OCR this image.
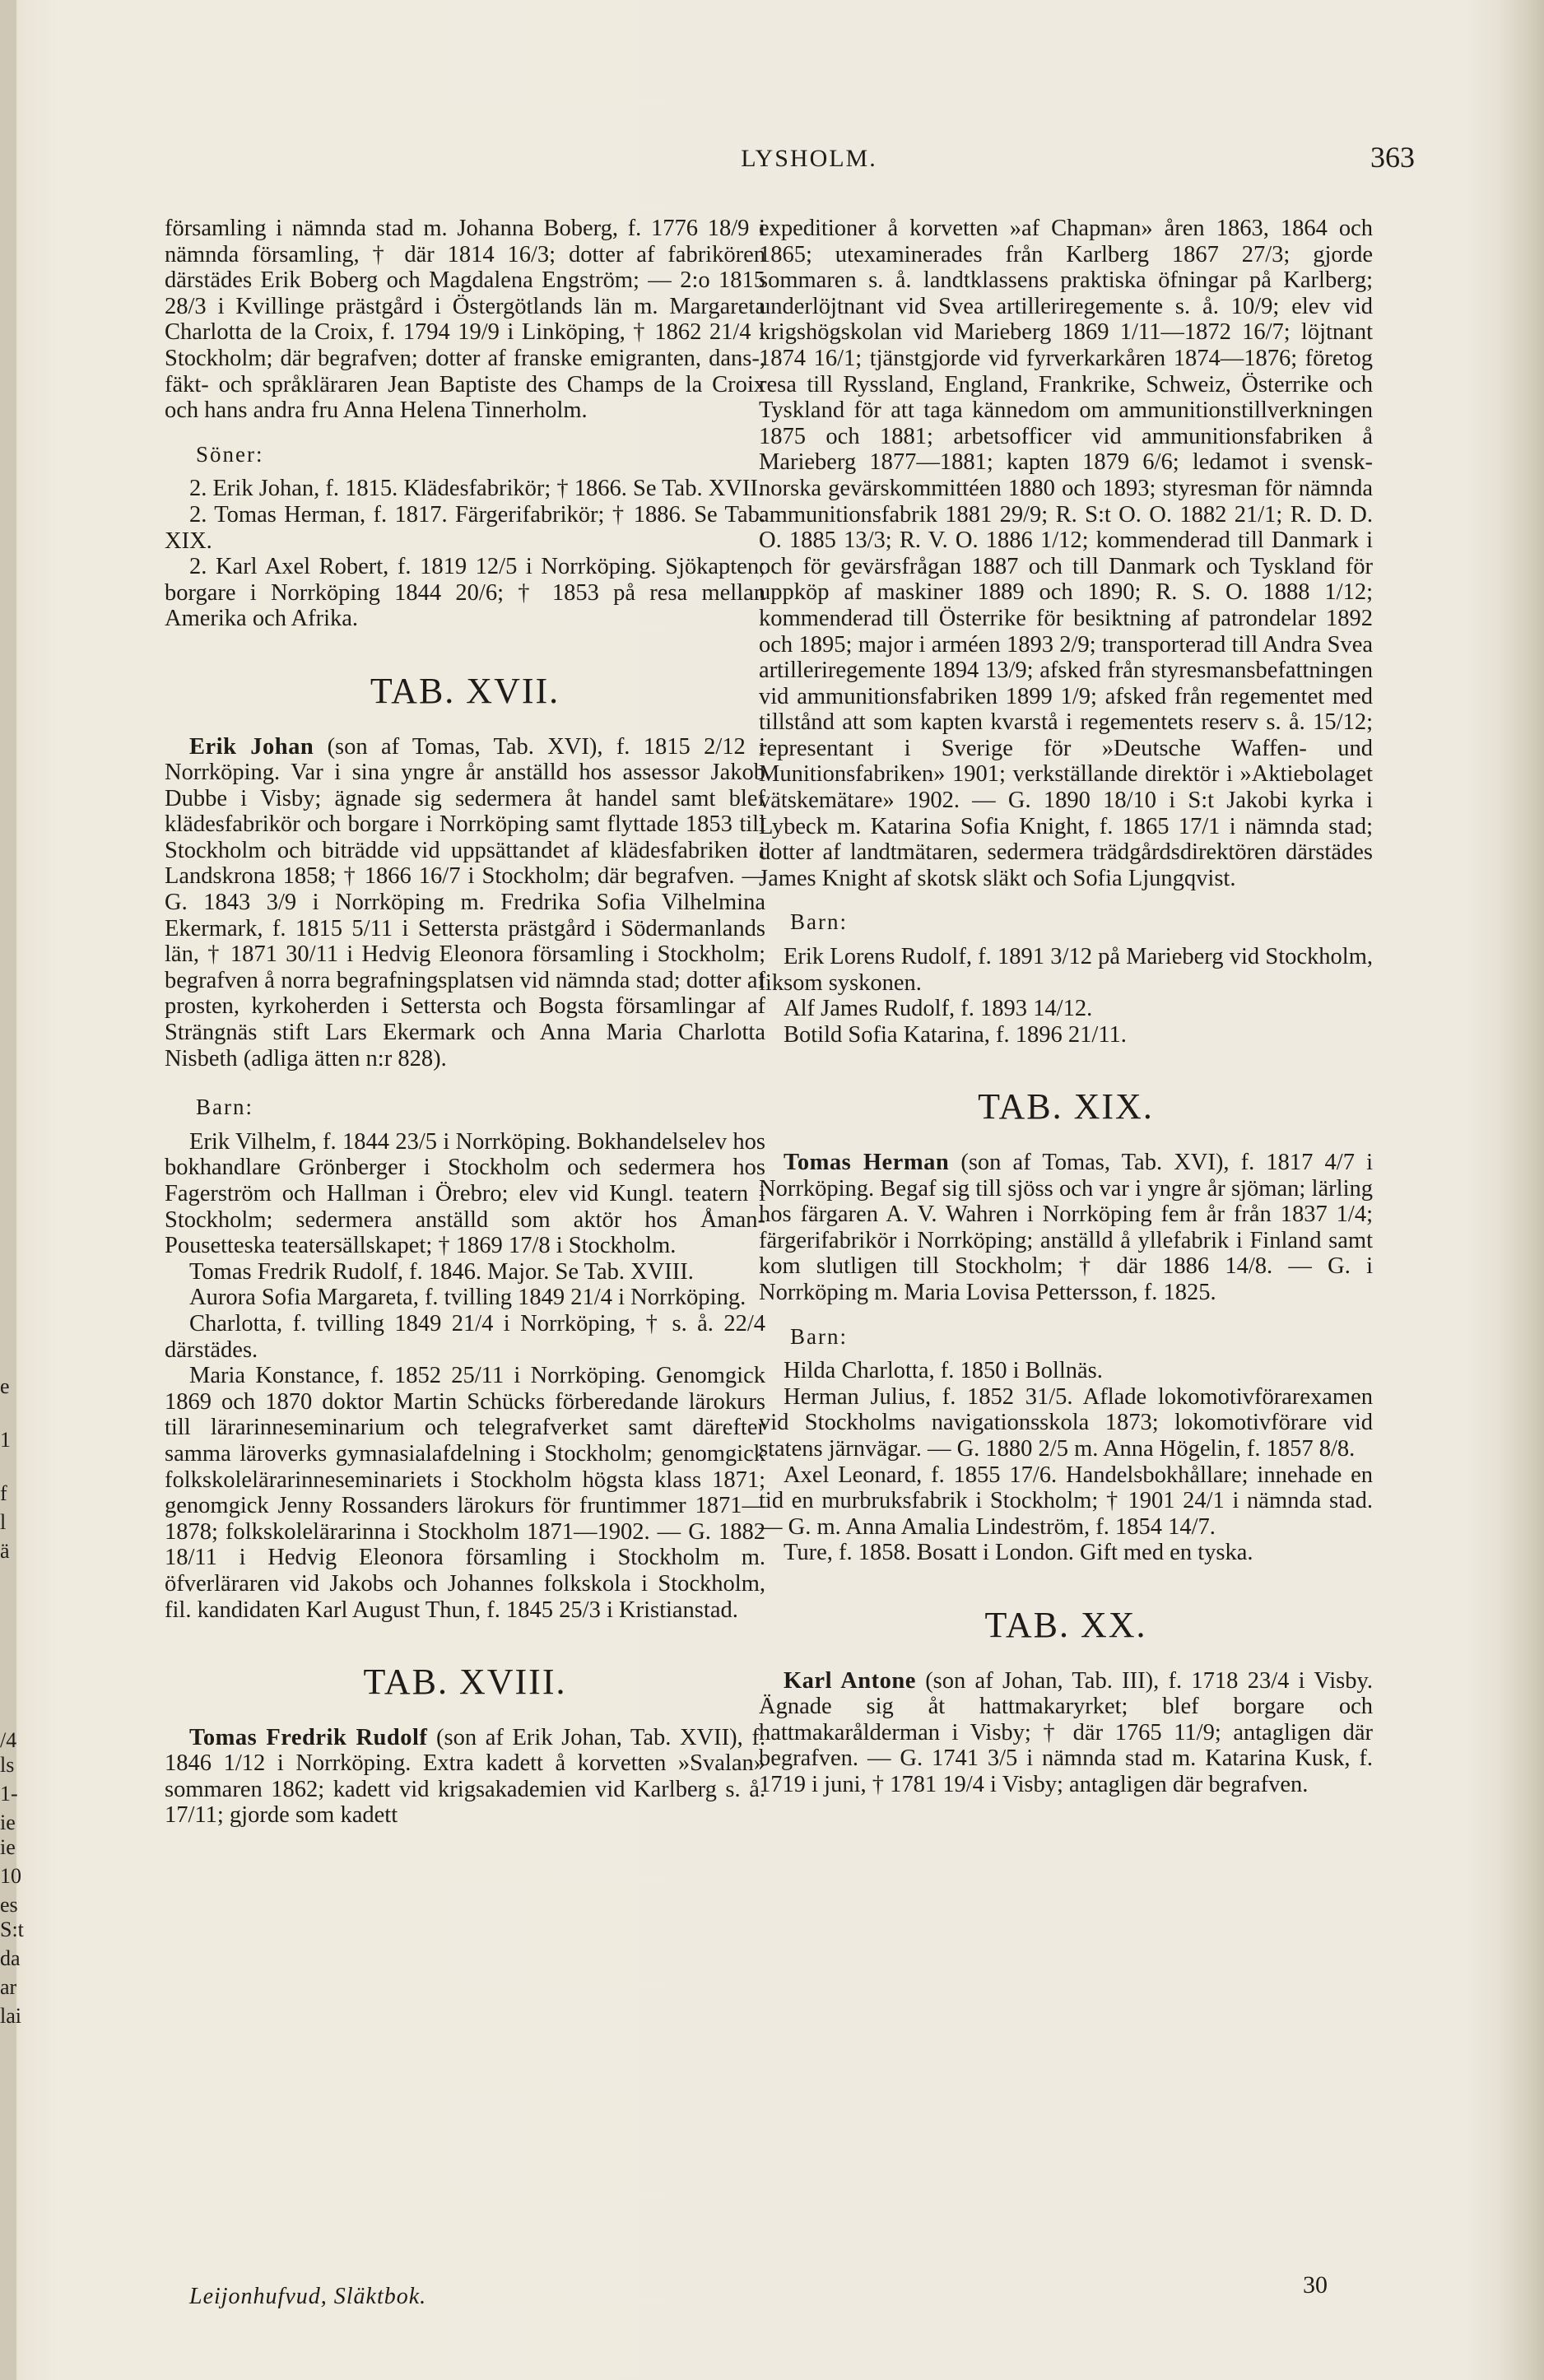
e
1
f
l
ä
/4
ls
1-
ie
ie
10
es
S:t
da
ar
lai
LYSHOLM.	363

församling i nämnda stad m. Johanna Boberg, f. 1776 18/9 i nämnda församling, † där 1814 16/3; dotter af fabrikören därstädes Erik Boberg och Magdalena Engström; — 2:o 1815 28/3 i Kvillinge prästgård i Östergötlands län m. Margareta Charlotta de la Croix, f. 1794 19/9 i Linköping, † 1862 21/4 i Stockholm; där begrafven; dotter af franske emigranten, dans-, fäkt- och språkläraren Jean Baptiste des Champs de la Croix och hans andra fru Anna Helena Tinnerholm.

Söner:

2. Erik Johan, f. 1815. Klädesfabrikör; † 1866. Se Tab. XVII.

2. Tomas Herman, f. 1817. Färgerifabrikör; † 1886. Se Tab. XIX.

2. Karl Axel Robert, f. 1819 12/5 i Norrköping. Sjökapten; borgare i Norrköping 1844 20/6; † 1853 på resa mellan Amerika och Afrika.

TAB. XVII.

Erik Johan (son af Tomas, Tab. XVI), f. 1815 2/12 i Norrköping. Var i sina yngre år anställd hos assessor Jakob Dubbe i Visby; ägnade sig sedermera åt handel samt blef klädesfabrikör och borgare i Norrköping samt flyttade 1853 till Stockholm och biträdde vid uppsättandet af klädesfabriken i Landskrona 1858; † 1866 16/7 i Stockholm; där begrafven. — G. 1843 3/9 i Norrköping m. Fredrika Sofia Vilhelmina Ekermark, f. 1815 5/11 i Settersta prästgård i Södermanlands län, † 1871 30/11 i Hedvig Eleonora församling i Stockholm; begrafven å norra begrafningsplatsen vid nämnda stad; dotter af prosten, kyrkoherden i Settersta och Bogsta församlingar af Strängnäs stift Lars Ekermark och Anna Maria Charlotta Nisbeth (adliga ätten n:r 828).

Barn:

Erik Vilhelm, f. 1844 23/5 i Norrköping. Bokhandelselev hos bokhandlare Grönberger i Stockholm och sedermera hos Fagerström och Hallman i Örebro; elev vid Kungl. teatern i Stockholm; sedermera anställd som aktör hos Åman-Pousetteska teatersällskapet; † 1869 17/8 i Stockholm.

Tomas Fredrik Rudolf, f. 1846. Major. Se Tab. XVIII.

Aurora Sofia Margareta, f. tvilling 1849 21/4 i Norrköping.

Charlotta, f. tvilling 1849 21/4 i Norrköping, † s. å. 22/4 därstädes.

Maria Konstance, f. 1852 25/11 i Norrköping. Genomgick 1869 och 1870 doktor Martin Schücks förberedande lärokurs till lärarinneseminarium och telegrafverket samt därefter samma läroverks gymnasialafdelning i Stockholm; genomgick folkskolelärarinneseminariets i Stockholm högsta klass 1871; genomgick Jenny Rossanders lärokurs för fruntimmer 1871—1878; folkskolelärarinna i Stockholm 1871—1902. — G. 1882 18/11 i Hedvig Eleonora församling i Stockholm m. öfverläraren vid Jakobs och Johannes folkskola i Stockholm, fil. kandidaten Karl August Thun, f. 1845 25/3 i Kristianstad.

TAB. XVIII.

Tomas Fredrik Rudolf (son af Erik Johan, Tab. XVII), f. 1846 1/12 i Norrköping. Extra kadett å korvetten »Svalan» sommaren 1862; kadett vid krigsakademien vid Karlberg s. å. 17/11; gjorde som kadett

expeditioner å korvetten »af Chapman» åren 1863, 1864 och 1865; utexaminerades från Karlberg 1867 27/3; gjorde sommaren s. å. landtklassens praktiska öfningar på Karlberg; underlöjtnant vid Svea artilleriregemente s. å. 10/9; elev vid krigshögskolan vid Marieberg 1869 1/11—1872 16/7; löjtnant 1874 16/1; tjänstgjorde vid fyrverkarkåren 1874—1876; företog resa till Ryssland, England, Frankrike, Schweiz, Österrike och Tyskland för att taga kännedom om ammunitionstillverkningen 1875 och 1881; arbetsofficer vid ammunitionsfabriken å Marieberg 1877—1881; kapten 1879 6/6; ledamot i svensk-norska gevärskommittéen 1880 och 1893; styresman för nämnda ammunitionsfabrik 1881 29/9; R. S:t O. O. 1882 21/1; R. D. D. O. 1885 13/3; R. V. O. 1886 1/12; kommenderad till Danmark i och för gevärsfrågan 1887 och till Danmark och Tyskland för uppköp af maskiner 1889 och 1890; R. S. O. 1888 1/12; kommenderad till Österrike för besiktning af patrondelar 1892 och 1895; major i arméen 1893 2/9; transporterad till Andra Svea artilleriregemente 1894 13/9; afsked från styresmansbefattningen vid ammunitionsfabriken 1899 1/9; afsked från regementet med tillstånd att som kapten kvarstå i regementets reserv s. å. 15/12; representant i Sverige för »Deutsche Waffen- und Munitionsfabriken» 1901; verkställande direktör i »Aktiebolaget vätskemätare» 1902. — G. 1890 18/10 i S:t Jakobi kyrka i Lybeck m. Katarina Sofia Knight, f. 1865 17/1 i nämnda stad; dotter af landtmätaren, sedermera trädgårdsdirektören därstädes James Knight af skotsk släkt och Sofia Ljungqvist.

Barn:

Erik Lorens Rudolf, f. 1891 3/12 på Marieberg vid Stockholm, liksom syskonen.

Alf James Rudolf, f. 1893 14/12.

Botild Sofia Katarina, f. 1896 21/11.

TAB. XIX.

Tomas Herman (son af Tomas, Tab. XVI), f. 1817 4/7 i Norrköping. Begaf sig till sjöss och var i yngre år sjöman; lärling hos färgaren A. V. Wahren i Norrköping fem år från 1837 1/4; färgerifabrikör i Norrköping; anställd å yllefabrik i Finland samt kom slutligen till Stockholm; † där 1886 14/8. — G. i Norrköping m. Maria Lovisa Pettersson, f. 1825.

Barn:

Hilda Charlotta, f. 1850 i Bollnäs.

Herman Julius, f. 1852 31/5. Aflade lokomotivförarexamen vid Stockholms navigationsskola 1873; lokomotivförare vid statens järnvägar. — G. 1880 2/5 m. Anna Högelin, f. 1857 8/8.

Axel Leonard, f. 1855 17/6. Handelsbokhållare; innehade en tid en murbruksfabrik i Stockholm; † 1901 24/1 i nämnda stad. — G. m. Anna Amalia Lindeström, f. 1854 14/7.

Ture, f. 1858. Bosatt i London. Gift med en tyska.

TAB. XX.

Karl Antone (son af Johan, Tab. III), f. 1718 23/4 i Visby. Ägnade sig åt hattmakaryrket; blef borgare och hattmakarålderman i Visby; † där 1765 11/9; antagligen där begrafven. — G. 1741 3/5 i nämnda stad m. Katarina Kusk, f. 1719 i juni, † 1781 19/4 i Visby; antagligen där begrafven.

Leijonhufvud, Släktbok.	30
